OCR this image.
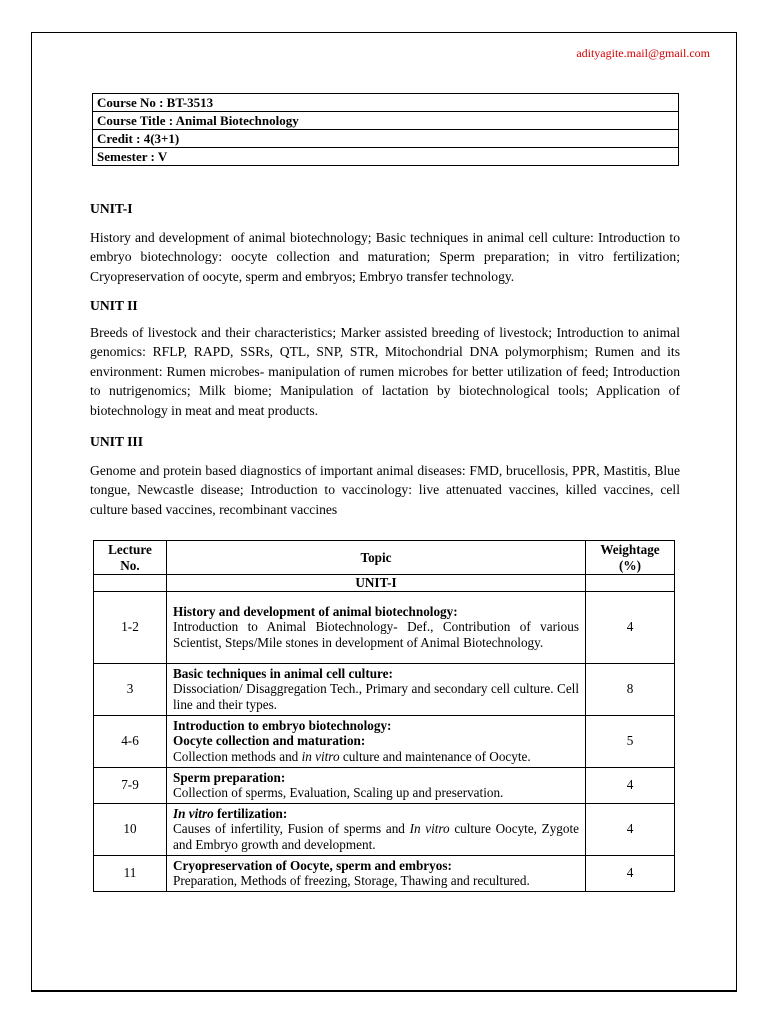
adityagite.mail@gmail.com
Course No : BT-3513
Course Title : Animal Biotechnology
Credit : 4(3+1)
Semester : V

UNIT-I

History and development of animal biotechnology; Basic techniques in animal cell culture: Introduction to embryo biotechnology: oocyte collection and maturation; Sperm preparation; in vitro fertilization; Cryopreservation of oocyte, sperm and embryos; Embryo transfer technology.

UNIT II

Breeds of livestock and their characteristics; Marker assisted breeding of livestock; Introduction to animal genomics: RFLP, RAPD, SSRs, QTL, SNP, STR, Mitochondrial DNA polymorphism; Rumen and its environment: Rumen microbes- manipulation of rumen microbes for better utilization of feed; Introduction to nutrigenomics; Milk biome; Manipulation of lactation by biotechnological tools; Application of biotechnology in meat and meat products.

UNIT III

Genome and protein based diagnostics of important animal diseases: FMD, brucellosis, PPR, Mastitis, Blue tongue, Newcastle disease; Introduction to vaccinology: live attenuated vaccines, killed vaccines, cell culture based vaccines, recombinant vaccines

Lecture No.	Topic	Weightage (%)
	UNIT-I	
1-2	History and development of animal biotechnology:
Introduction to Animal Biotechnology- Def., Contribution of various Scientist, Steps/Mile stones in development of Animal Biotechnology.	4
3	Basic techniques in animal cell culture:
Dissociation/ Disaggregation Tech., Primary and secondary cell culture. Cell line and their types.	8
4-6	Introduction to embryo biotechnology:
Oocyte collection and maturation:
Collection methods and in vitro culture and maintenance of Oocyte.	5
7-9	Sperm preparation:
Collection of sperms, Evaluation, Scaling up and preservation.	4
10	In vitro fertilization:
Causes of infertility, Fusion of sperms and In vitro culture Oocyte, Zygote and Embryo growth and development.	4
11	Cryopreservation of Oocyte, sperm and embryos:
Preparation, Methods of freezing, Storage, Thawing and recultured.	4
